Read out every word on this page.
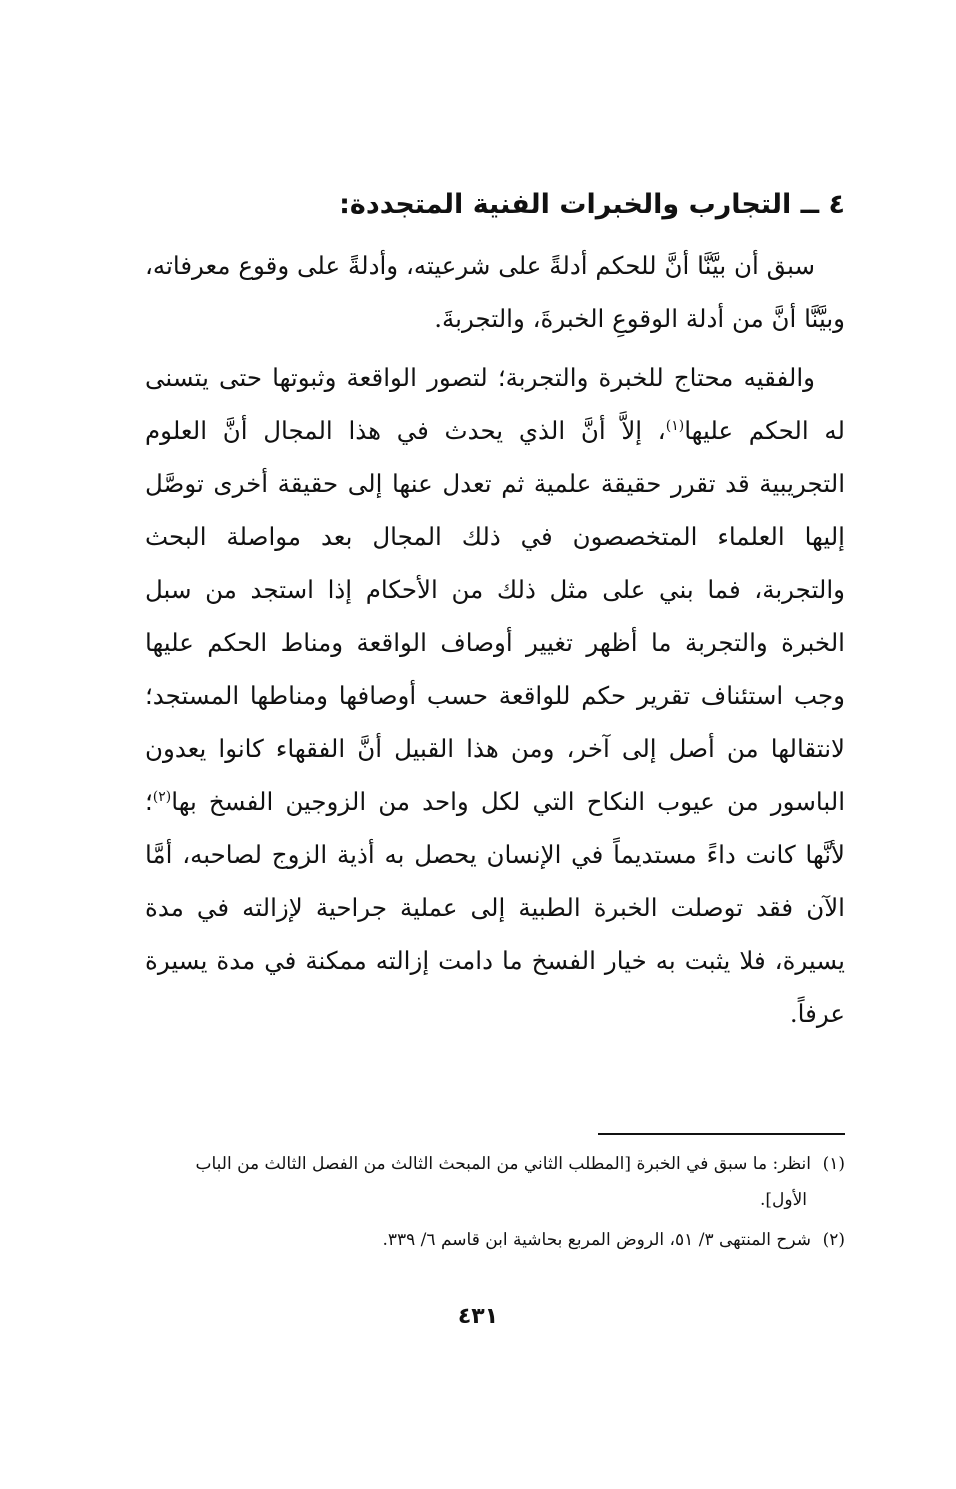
٤ ــ التجارب والخبرات الفنية المتجددة:

سبق أن بيَّنَّا أنَّ للحكم أدلةً على شرعيته، وأدلةً على وقوع معرفاته، وبيَّنَّا أنَّ من أدلة الوقوعِ الخبرةَ، والتجربةَ.

والفقيه محتاج للخبرة والتجربة؛ لتصور الواقعة وثبوتها حتى يتسنى له الحكم عليها$^{(١)}$، إلاَّ أنَّ الذي يحدث في هذا المجال أنَّ العلوم التجريبية قد تقرر حقيقة علمية ثم تعدل عنها إلى حقيقة أخرى توصَّل إليها العلماء المتخصصون في ذلك المجال بعد مواصلة البحث والتجربة، فما بني على مثل ذلك من الأحكام إذا استجد من سبل الخبرة والتجربة ما أظهر تغيير أوصاف الواقعة ومناط الحكم عليها وجب استئناف تقرير حكم للواقعة حسب أوصافها ومناطها المستجد؛ لانتقالها من أصل إلى آخر، ومن هذا القبيل أنَّ الفقهاء كانوا يعدون الباسور من عيوب النكاح التي لكل واحد من الزوجين الفسخ بها$^{(٢)}$؛ لأنَّها كانت داءً مستديماً في الإنسان يحصل به أذية الزوج لصاحبه، أمَّا الآن فقد توصلت الخبرة الطبية إلى عملية جراحية لإزالته في مدة يسيرة، فلا يثبت به خيار الفسخ ما دامت إزالته ممكنة في مدة يسيرة عرفاً.

(١)انظر: ما سبق في الخبرة [المطلب الثاني من المبحث الثالث من الفصل الثالث من الباب الأول].
(٢)شرح المنتهى ٣/ ٥١، الروض المربع بحاشية ابن قاسم ٦/ ٣٣٩.
٤٣١
